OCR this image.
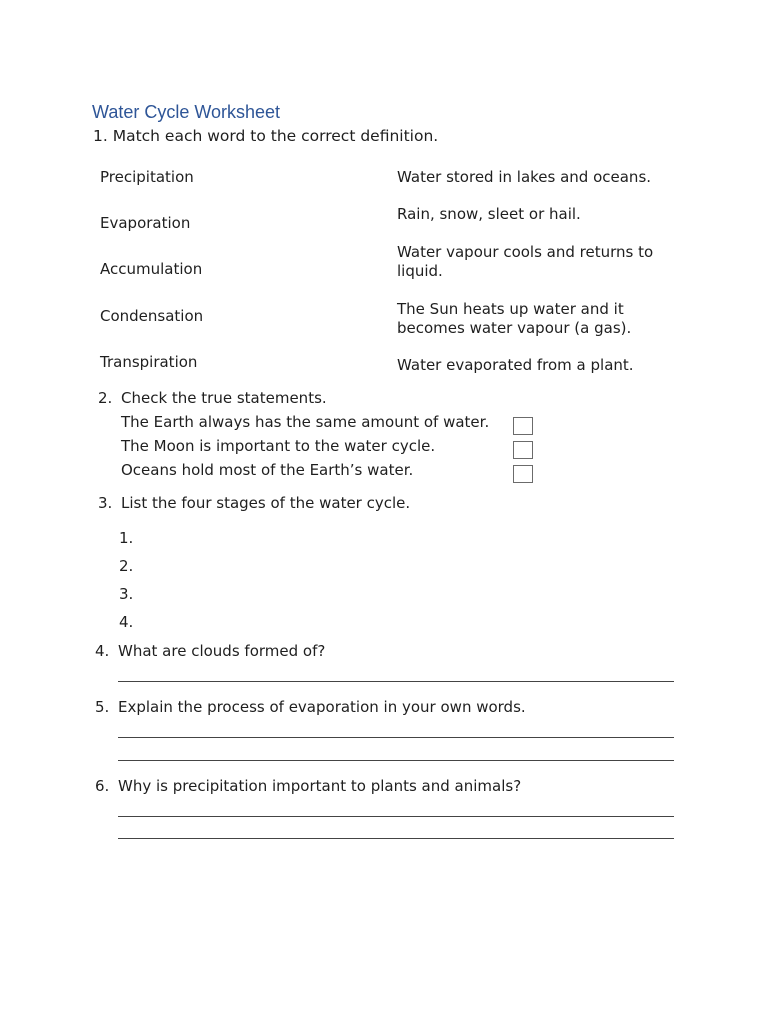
Water Cycle Worksheet
1. Match each word to the correct definition.
Precipitation
Evaporation
Accumulation
Condensation
Transpiration
Water stored in lakes and oceans.
Rain, snow, sleet or hail.
Water vapour cools and returns to liquid.
The Sun heats up water and it becomes water vapour (a gas).
Water evaporated from a plant.
2. Check the true statements.
The Earth always has the same amount of water.
The Moon is important to the water cycle.
Oceans hold most of the Earth’s water.
3. List the four stages of the water cycle.
1.
2.
3.
4.
4. What are clouds formed of?
5. Explain the process of evaporation in your own words.
6. Why is precipitation important to plants and animals?
